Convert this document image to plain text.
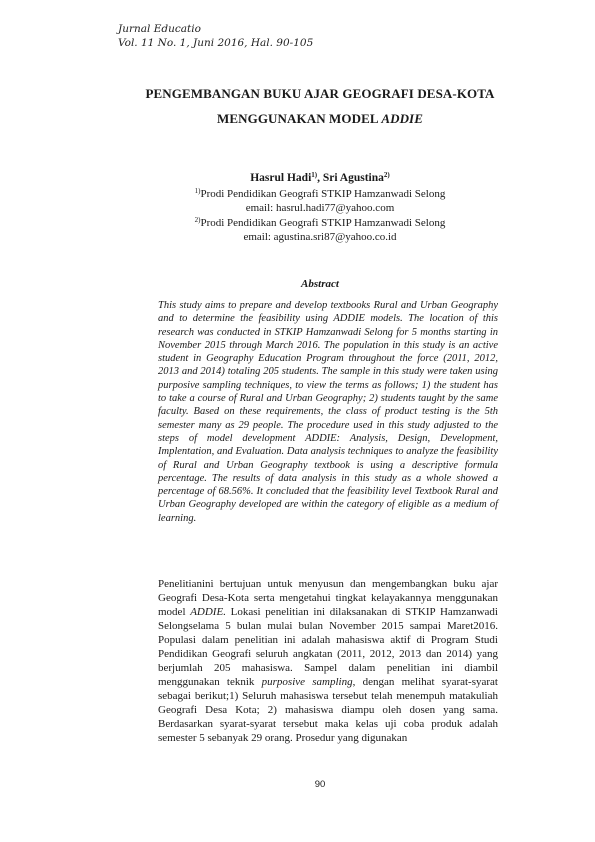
Jurnal Educatio
Vol. 11 No. 1, Juni 2016, Hal. 90-105
PENGEMBANGAN BUKU AJAR GEOGRAFI DESA-KOTA
MENGGUNAKAN MODEL ADDIE
Hasrul Hadi$^{1)}$, Sri Agustina$^{2)}$
$^{1)}$Prodi Pendidikan Geografi STKIP Hamzanwadi Selong
email: hasrul.hadi77@yahoo.com
$^{2)}$Prodi Pendidikan Geografi STKIP Hamzanwadi Selong
email: agustina.sri87@yahoo.co.id
Abstract

This study aims to prepare and develop textbooks Rural and Urban Geography and to determine the feasibility using ADDIE models. The location of this research was conducted in STKIP Hamzanwadi Selong for 5 months starting in November 2015 through March 2016. The population in this study is an active student in Geography Education Program throughout the force (2011, 2012, 2013 and 2014) totaling 205 students. The sample in this study were taken using purposive sampling techniques, to view the terms as follows; 1) the student has to take a course of Rural and Urban Geography; 2) students taught by the same faculty. Based on these requirements, the class of product testing is the 5th semester many as 29 people. The procedure used in this study adjusted to the steps of model development ADDIE: Analysis, Design, Development, Implentation, and Evaluation. Data analysis techniques to analyze the feasibility of Rural and Urban Geography textbook is using a descriptive formula percentage. The results of data analysis in this study as a whole showed a percentage of 68.56%. It concluded that the feasibility level Textbook Rural and Urban Geography developed are within the category of eligible as a medium of learning.

Penelitianini bertujuan untuk menyusun dan mengembangkan buku ajar Geografi Desa-Kota serta mengetahui tingkat kelayakannya menggunakan model ADDIE. Lokasi penelitian ini dilaksanakan di STKIP Hamzanwadi Selongselama 5 bulan mulai bulan November 2015 sampai Maret2016. Populasi dalam penelitian ini adalah mahasiswa aktif di Program Studi Pendidikan Geografi seluruh angkatan (2011, 2012, 2013 dan 2014) yang berjumlah 205 mahasiswa. Sampel dalam penelitian ini diambil menggunakan teknik purposive sampling, dengan melihat syarat-syarat sebagai berikut;1) Seluruh mahasiswa tersebut telah menempuh matakuliah Geografi Desa Kota; 2) mahasiswa diampu oleh dosen yang sama. Berdasarkan syarat-syarat tersebut maka kelas uji coba produk adalah semester 5 sebanyak 29 orang. Prosedur yang digunakan

90
